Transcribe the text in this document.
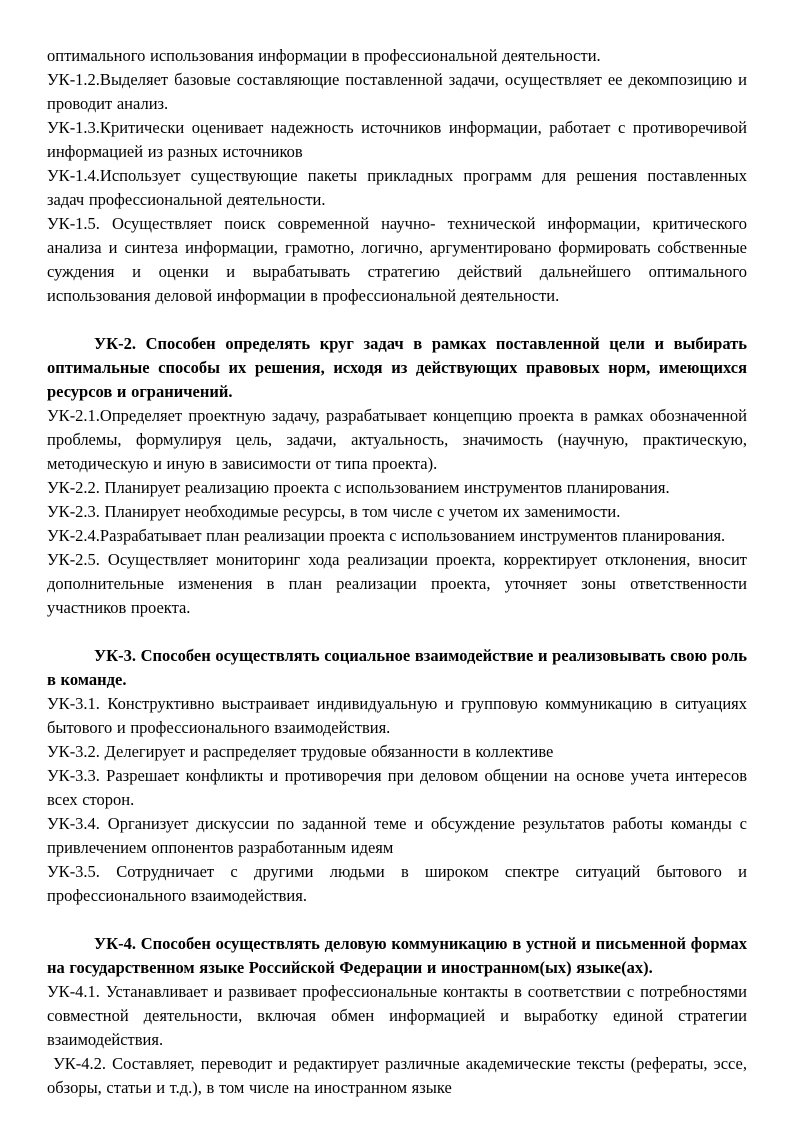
оптимального использования информации в профессиональной деятельности.

УК-1.2.Выделяет базовые составляющие поставленной задачи, осуществляет ее декомпозицию и проводит анализ.

УК-1.3.Критически оценивает надежность источников информации, работает с противоречивой информацией из разных источников

УК-1.4.Использует существующие пакеты прикладных программ для решения поставленных задач профессиональной деятельности.

УК-1.5. Осуществляет поиск современной научно- технической информации, критического анализа и синтеза информации, грамотно, логично, аргументировано формировать собственные суждения и оценки и вырабатывать стратегию действий дальнейшего оптимального использования деловой информации в профессиональной деятельности.

УК-2. Способен определять круг задач в рамках поставленной цели и выбирать оптимальные способы их решения, исходя из действующих правовых норм, имеющихся ресурсов и ограничений.

УК-2.1.Определяет проектную задачу, разрабатывает концепцию проекта в рамках обозначенной проблемы, формулируя цель, задачи, актуальность, значимость (научную, практическую, методическую и иную в зависимости от типа проекта).

УК-2.2. Планирует реализацию проекта с использованием инструментов планирования.

УК-2.3. Планирует необходимые ресурсы, в том числе с учетом их заменимости.

УК-2.4.Разрабатывает план реализации проекта с использованием инструментов планирования.

УК-2.5. Осуществляет мониторинг хода реализации проекта, корректирует отклонения, вносит дополнительные изменения в план реализации проекта, уточняет зоны ответственности участников проекта.

УК-3. Способен осуществлять социальное взаимодействие и реализовывать свою роль в команде.

УК-3.1. Конструктивно выстраивает индивидуальную и групповую коммуникацию в ситуациях бытового и профессионального взаимодействия.

УК-3.2. Делегирует и распределяет трудовые обязанности в коллективе

УК-3.3. Разрешает конфликты и противоречия при деловом общении на основе учета интересов всех сторон.

УК-3.4. Организует дискуссии по заданной теме и обсуждение результатов работы команды с привлечением оппонентов разработанным идеям

УК-3.5. Сотрудничает с другими людьми в широком спектре ситуаций бытового и профессионального взаимодействия.

УК-4. Способен осуществлять деловую коммуникацию в устной и письменной формах на государственном языке Российской Федерации и иностранном(ых) языке(ах).

УК-4.1. Устанавливает и развивает профессиональные контакты в соответствии с потребностями совместной деятельности, включая обмен информацией и выработку единой стратегии взаимодействия.

УК-4.2. Составляет, переводит и редактирует различные академические тексты (рефераты, эссе, обзоры, статьи и т.д.), в том числе на иностранном языке
